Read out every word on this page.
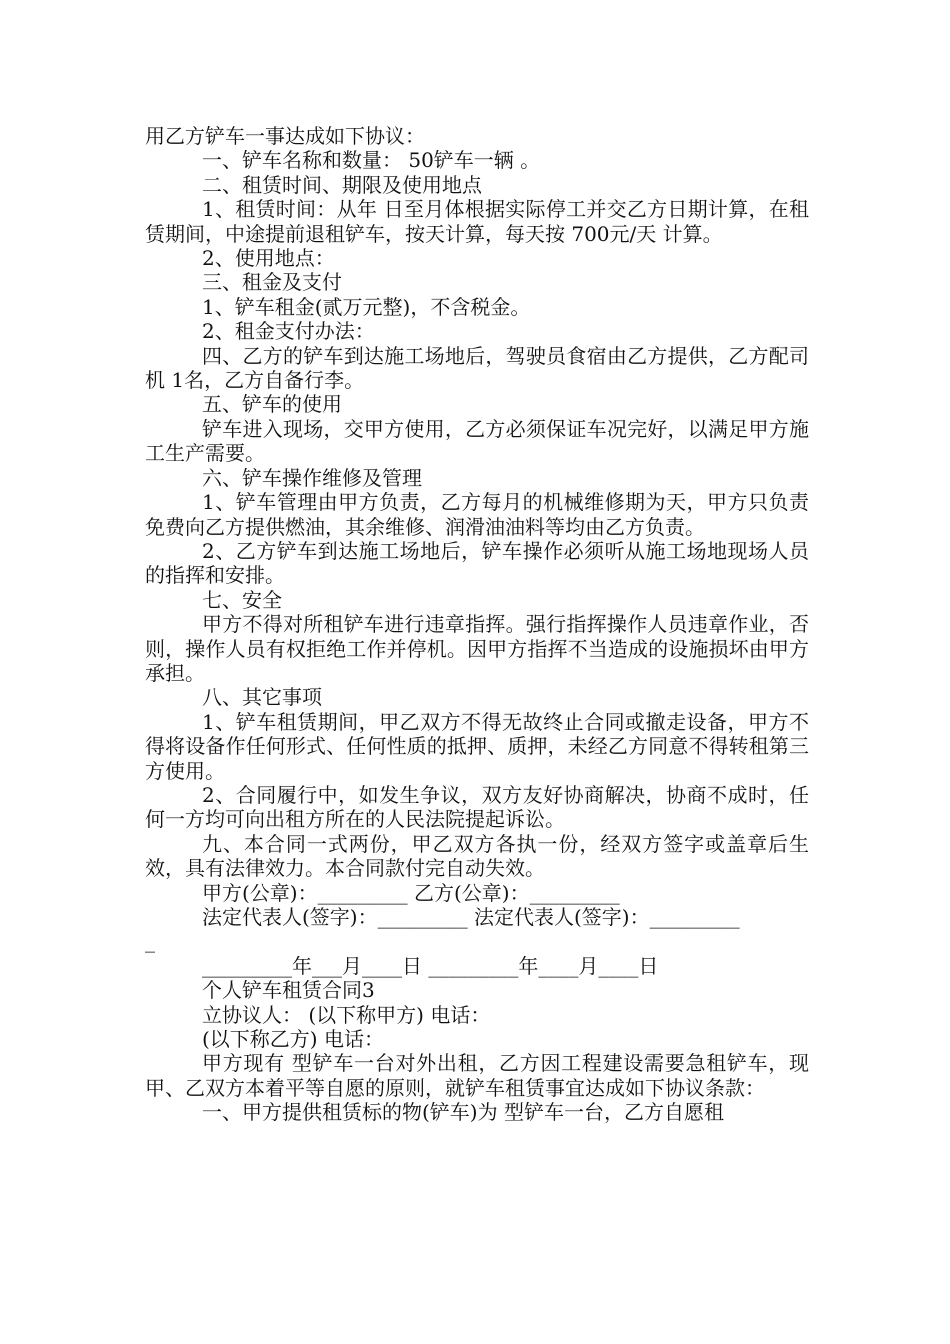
用乙方铲车一事达成如下协议：

一、铲车名称和数量： 50铲车一辆 。

二、租赁时间、期限及使用地点

1、租赁时间：从年 日至月体根据实际停工并交乙方日期计算，在租赁期间，中途提前退租铲车，按天计算，每天按 700元/天 计算。

2、使用地点：

三、租金及支付

1、铲车租金(贰万元整)，不含税金。

2、租金支付办法：

四、乙方的铲车到达施工场地后，驾驶员食宿由乙方提供，乙方配司机 1名，乙方自备行李。

五、铲车的使用

铲车进入现场，交甲方使用，乙方必须保证车况完好，以满足甲方施工生产需要。

六、铲车操作维修及管理

1、铲车管理由甲方负责，乙方每月的机械维修期为天，甲方只负责免费向乙方提供燃油，其余维修、润滑油油料等均由乙方负责。

2、乙方铲车到达施工场地后，铲车操作必须听从施工场地现场人员的指挥和安排。

七、安全

甲方不得对所租铲车进行违章指挥。强行指挥操作人员违章作业，否则，操作人员有权拒绝工作并停机。因甲方指挥不当造成的设施损坏由甲方承担。

八、其它事项

1、铲车租赁期间，甲乙双方不得无故终止合同或撤走设备，甲方不得将设备作任何形式、任何性质的抵押、质押，未经乙方同意不得转租第三方使用。

2、合同履行中，如发生争议，双方友好协商解决，协商不成时，任何一方均可向出租方所在的人民法院提起诉讼。

九、本合同一式两份，甲乙双方各执一份，经双方签字或盖章后生效，具有法律效力。本合同款付完自动失效。

甲方(公章)：_________ 乙方(公章)：_________

法定代表人(签字)：_________ 法定代表人(签字)：_________

_

_________年___月____日 _________年____月____日

个人铲车租赁合同3

立协议人： (以下称甲方) 电话：

(以下称乙方) 电话：

甲方现有 型铲车一台对外出租，乙方因工程建设需要急租铲车，现甲、乙双方本着平等自愿的原则，就铲车租赁事宜达成如下协议条款：

一、甲方提供租赁标的物(铲车)为 型铲车一台，乙方自愿租
